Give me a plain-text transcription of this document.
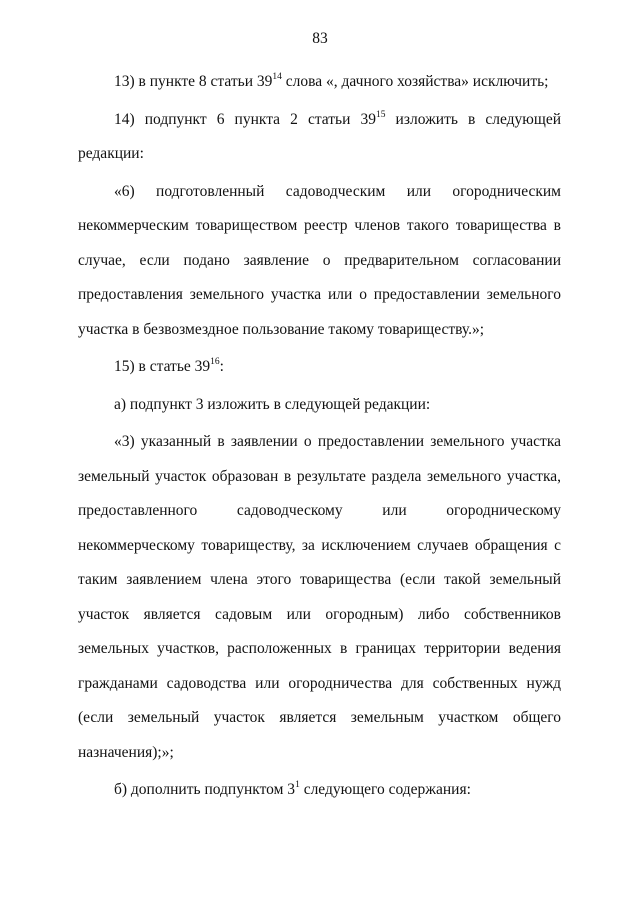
83

13) в пункте 8 статьи $39^{14}$ слова «, дачного хозяйства» исключить;

14) подпункт 6 пункта 2 статьи $39^{15}$ изложить в следующей редакции:

«6) подготовленный садоводческим или огородническим некоммерческим товариществом реестр членов такого товарищества в случае, если подано заявление о предварительном согласовании предоставления земельного участка или о предоставлении земельного участка в безвозмездное пользование такому товариществу.»;

15) в статье $39^{16}$:

а) подпункт 3 изложить в следующей редакции:

«3) указанный в заявлении о предоставлении земельного участка земельный участок образован в результате раздела земельного участка, предоставленного садоводческому или огородническому некоммерческому товариществу, за исключением случаев обращения с таким заявлением члена этого товарищества (если такой земельный участок является садовым или огородным) либо собственников земельных участков, расположенных в границах территории ведения гражданами садоводства или огородничества для собственных нужд (если земельный участок является земельным участком общего назначения);»;

б) дополнить подпунктом $3^1$ следующего содержания:
